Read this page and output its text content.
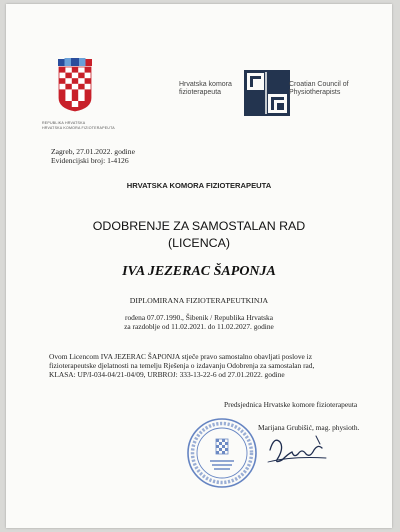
REPUBLIKA HRVATSKA
HRVATSKA KOMORA FIZIOTERAPEUTA
Hrvatska komora fizioterapeuta
Croatian Council of Physiotherapists
Zagreb, 27.01.2022. godine
Evidencijski broj: 1-4126
HRVATSKA KOMORA FIZIOTERAPEUTA
ODOBRENJE ZA SAMOSTALAN RAD
(LICENCA)
IVA JEZERAC ŠAPONJA
DIPLOMIRANA FIZIOTERAPEUTKINJA
rođena 07.07.1990., Šibenik / Republika Hrvatska
za razdoblje od 11.02.2021. do 11.02.2027. godine
Ovom Licencom IVA JEZERAC ŠAPONJA stječe pravo samostalno obavljati poslove iz
fizioterapeutske djelatnosti na temelju Rješenja o izdavanju Odobrenja za samostalan rad,
KLASA: UP/I-034-04/21-04/09, URBROJ: 333-13-22-6 od 27.01.2022. godine
Predsjednica Hrvatske komore fizioterapeuta
Marijana Grubišić, mag. physioth.
